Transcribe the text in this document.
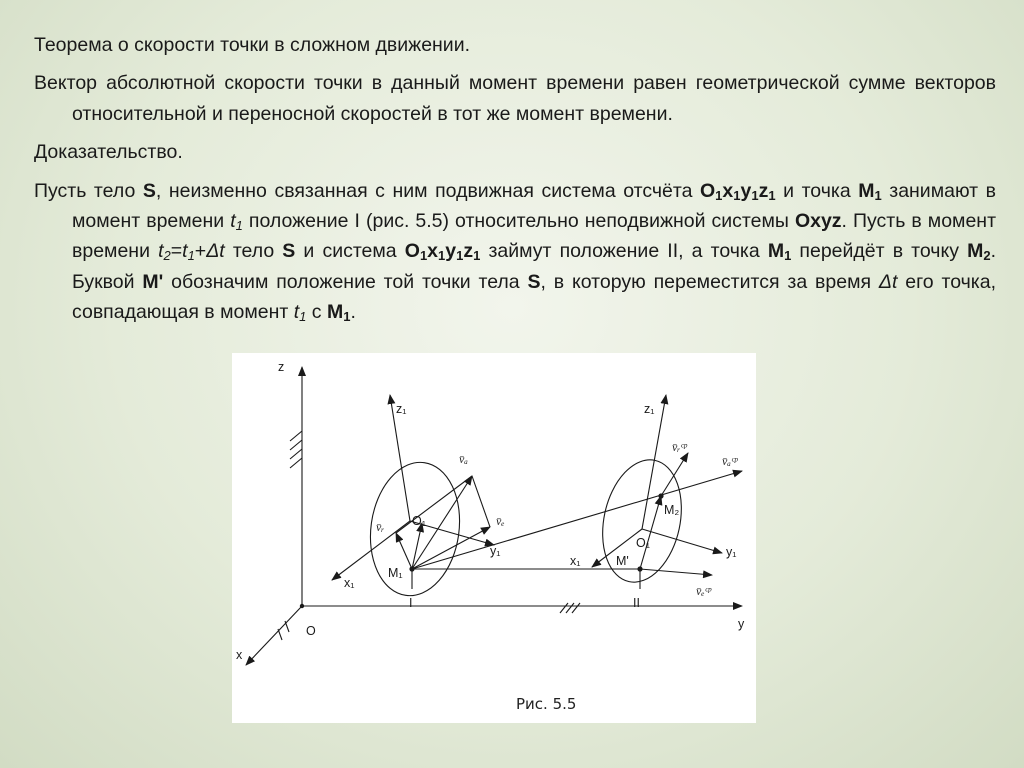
Теорема о скорости точки в сложном движении.

Вектор абсолютной скорости точки в данный момент времени равен геометрической сумме векторов относительной и переносной скоростей в тот же момент времени.

Доказательство.

Пусть тело S, неизменно связанная с ним подвижная система отсчёта $O_1x_1y_1z_1$ и точка $M_1$ занимают в момент времени $t_1$ положение I (рис. 5.5) относительно неподвижной системы Oxyz. Пусть в момент времени $t_2=t_1+\Delta t$ тело S и система $O_1x_1y_1z_1$ займут положение II, а точка $M_1$ перейдёт в точку $M_2$. Буквой M' обозначим положение той точки тела S, в которую переместится за время Δt его точка, совпадающая в момент $t_1$ с $M_1$.

z
x
y
O
z₁	z₁
O₁
O₁
x₁
x₁
y₁	y₁
M₁
M₂
M'
I	II
v̄ₐ
v̄ₑ
v̄ᵣ
v̄ₐᶜᵖ
v̄ᵣᶜᵖ
v̄ₑᶜᵖ
Рис. 5.5
